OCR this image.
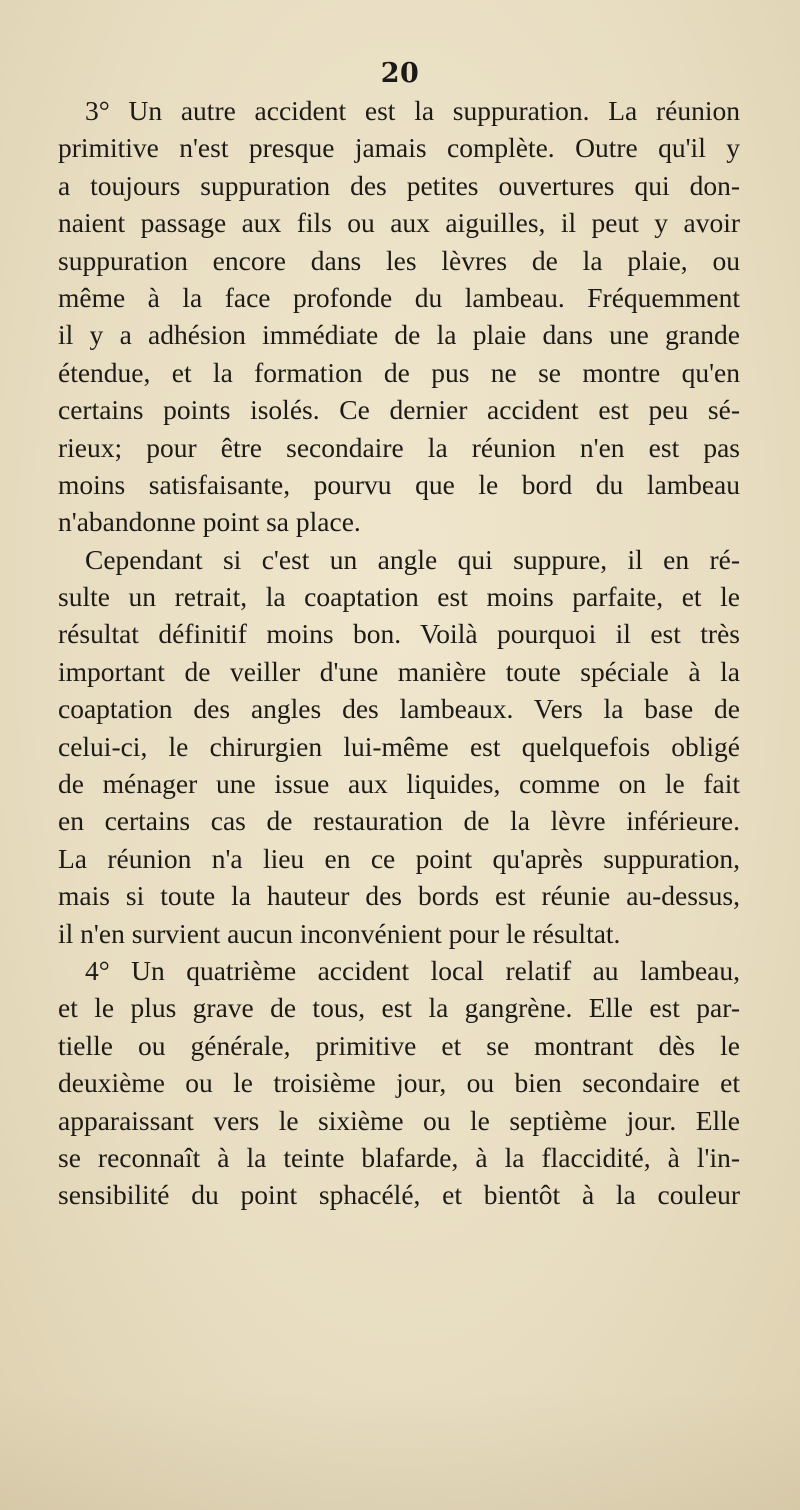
20
3° Un autre accident est la suppuration. La réunion
primitive n'est presque jamais complète. Outre qu'il y
a toujours suppuration des petites ouvertures qui don-
naient passage aux fils ou aux aiguilles, il peut y avoir
suppuration encore dans les lèvres de la plaie, ou
même à la face profonde du lambeau. Fréquemment
il y a adhésion immédiate de la plaie dans une grande
étendue, et la formation de pus ne se montre qu'en
certains points isolés. Ce dernier accident est peu sé-
rieux; pour être secondaire la réunion n'en est pas
moins satisfaisante, pourvu que le bord du lambeau
n'abandonne point sa place.
Cependant si c'est un angle qui suppure, il en ré-
sulte un retrait, la coaptation est moins parfaite, et le
résultat définitif moins bon. Voilà pourquoi il est très
important de veiller d'une manière toute spéciale à la
coaptation des angles des lambeaux. Vers la base de
celui-ci, le chirurgien lui-même est quelquefois obligé
de ménager une issue aux liquides, comme on le fait
en certains cas de restauration de la lèvre inférieure.
La réunion n'a lieu en ce point qu'après suppuration,
mais si toute la hauteur des bords est réunie au-dessus,
il n'en survient aucun inconvénient pour le résultat.
4° Un quatrième accident local relatif au lambeau,
et le plus grave de tous, est la gangrène. Elle est par-
tielle ou générale, primitive et se montrant dès le
deuxième ou le troisième jour, ou bien secondaire et
apparaissant vers le sixième ou le septième jour. Elle
se reconnaît à la teinte blafarde, à la flaccidité, à l'in-
sensibilité du point sphacélé, et bientôt à la couleur
